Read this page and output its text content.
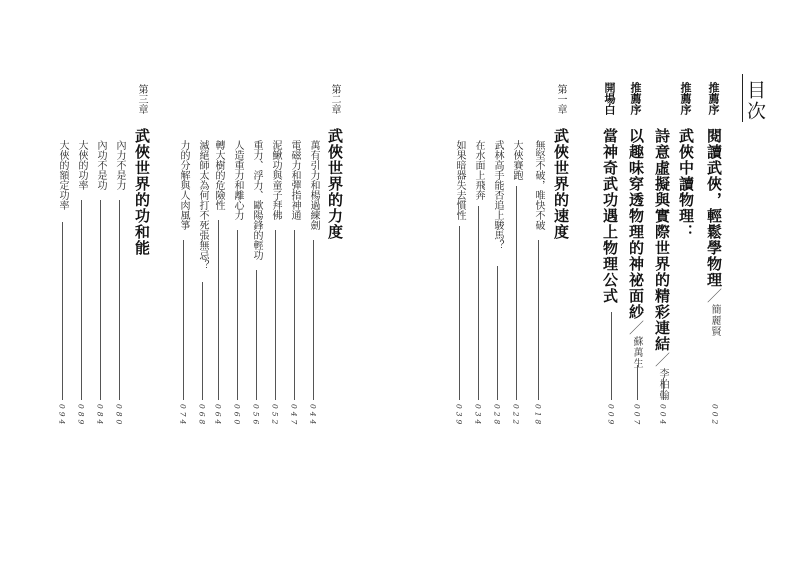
目次
推薦序
閱讀武俠，輕鬆學物理／簡麗賢
002
推薦序
武俠中讀物理：
詩意虛擬與實際世界的精彩連結／李柏翰
004
推薦序
以趣味穿透物理的神祕面紗／蘇萬生
007
開場白
當神奇武功遇上物理公式
009
第一章
武俠世界的速度
無堅不破，唯快不破
018
大俠賽跑
022
武林高手能否追上駿馬？
028
在水面上飛奔
034
如果暗器失去慣性
039
第二章
武俠世界的力度
萬有引力和楊過練劍
044
電磁力和彈指神通
047
泥鰍功與童子拜佛
052
重力、浮力、歐陽鋒的輕功
056
人造重力和離心力
060
轉大樹的危險性
064
滅絕師太為何打不死張無忌？
068
力的分解與人肉風箏
074
第三章
武俠世界的功和能
內力不是力
080
內功不是功
084
大俠的功率
089
大俠的額定功率
094
